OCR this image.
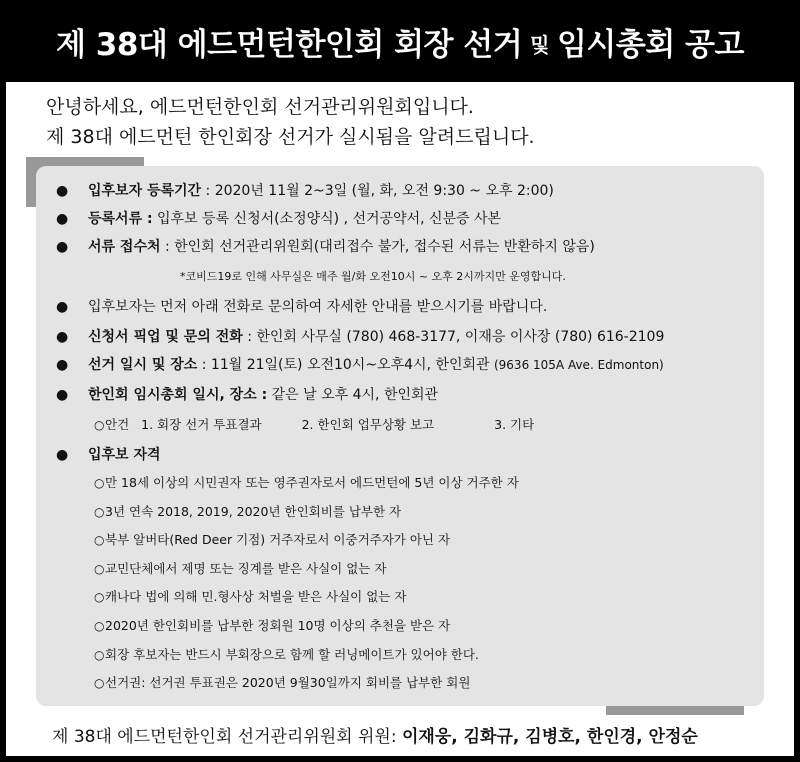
제 38대 에드먼턴한인회 회장 선거 및 임시총회 공고
안녕하세요, 에드먼턴한인회 선거관리위원회입니다.
제 38대 에드먼턴 한인회장 선거가 실시됨을 알려드립니다.
● 입후보자 등록기간 : 2020년 11월 2~3일 (월, 화, 오전 9:30 ~ 오후 2:00)
● 등록서류 : 입후보 등록 신청서(소정양식) , 선거공약서, 신분증 사본
● 서류 접수처 : 한인회 선거관리위원회(대리접수 불가, 접수된 서류는 반환하지 않음)
*코비드19로 인해 사무실은 매주 월/화 오전10시 ~ 오후 2시까지만 운영합니다.
● 입후보자는 먼저 아래 전화로 문의하여 자세한 안내를 받으시기를 바랍니다.
● 신청서 픽업 및 문의 전화 : 한인회 사무실 (780) 468-3177, 이재응 이사장 (780) 616-2109
● 선거 일시 및 장소 : 11월 21일(토) 오전10시~오후4시, 한인회관 (9636 105A Ave. Edmonton)
● 한인회 임시총회 일시, 장소 : 같은 날 오후 4시, 한인회관
○안건 1. 회장 선거 투표결과	2. 한인회 업무상황 보고	3. 기타
● 입후보 자격
○만 18세 이상의 시민권자 또는 영주권자로서 에드먼턴에 5년 이상 거주한 자
○3년 연속 2018, 2019, 2020년 한인회비를 납부한 자
○북부 알버타(Red Deer 기점) 거주자로서 이중거주자가 아닌 자
○교민단체에서 제명 또는 징계를 받은 사실이 없는 자
○캐나다 법에 의해 민.형사상 처벌을 받은 사실이 없는 자
○2020년 한인회비를 납부한 정회원 10명 이상의 추천을 받은 자
○회장 후보자는 반드시 부회장으로 함께 할 러닝메이트가 있어야 한다.
○선거권: 선거권 투표권은 2020년 9월30일까지 회비를 납부한 회원
제 38대 에드먼턴한인회 선거관리위원회 위원: 이재웅, 김화규, 김병호, 한인경, 안정순
